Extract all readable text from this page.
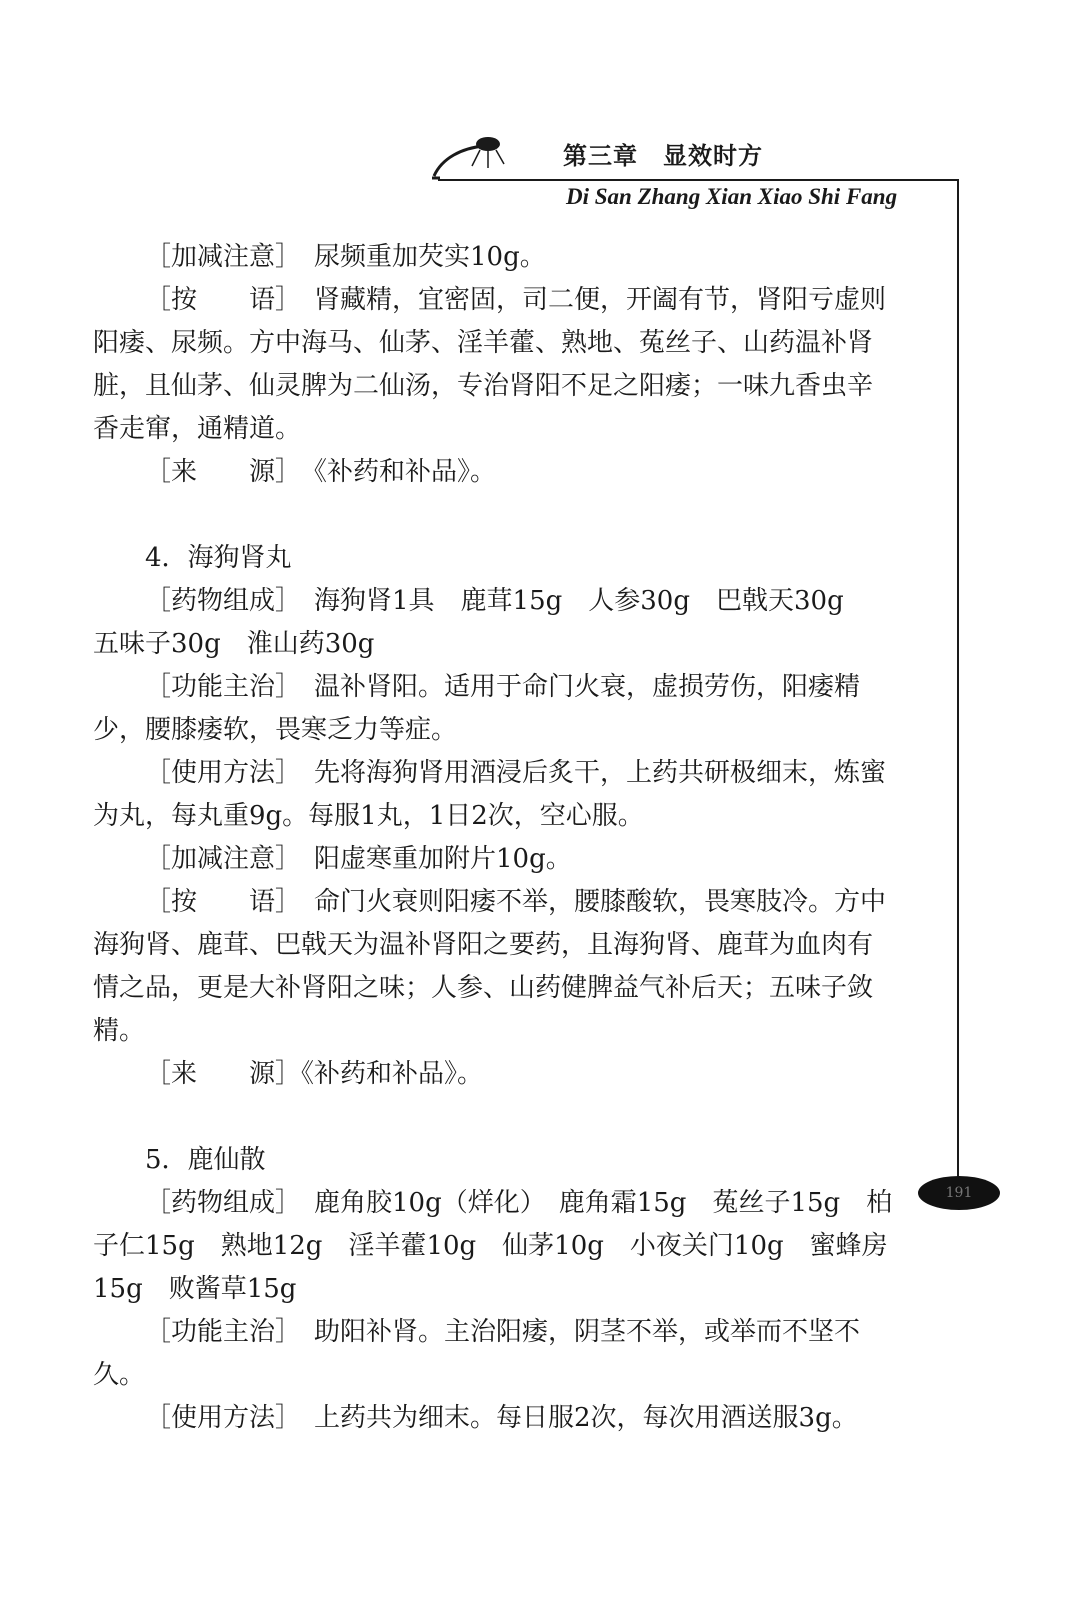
第三章　显效时方
Di San Zhang Xian Xiao Shi Fang
191

［加减注意］　尿频重加芡实10g。

［按　　语］　肾藏精，宜密固，司二便，开阖有节，肾阳亏虚则阳痿、尿频。方中海马、仙茅、淫羊藿、熟地、菟丝子、山药温补肾脏，且仙茅、仙灵脾为二仙汤，专治肾阳不足之阳痿；一味九香虫辛香走窜，通精道。

［来　　源］　《补药和补品》。

4．海狗肾丸

［药物组成］　海狗肾1具　鹿茸15g　人参30g　巴戟天30g　五味子30g　淮山药30g

［功能主治］　温补肾阳。适用于命门火衰，虚损劳伤，阳痿精少，腰膝痿软，畏寒乏力等症。

［使用方法］　先将海狗肾用酒浸后炙干，上药共研极细末，炼蜜为丸，每丸重9g。每服1丸，1日2次，空心服。

［加减注意］　阳虚寒重加附片10g。

［按　　语］　命门火衰则阳痿不举，腰膝酸软，畏寒肢冷。方中海狗肾、鹿茸、巴戟天为温补肾阳之要药，且海狗肾、鹿茸为血肉有情之品，更是大补肾阳之味；人参、山药健脾益气补后天；五味子敛精。

［来　　源］《补药和补品》。

5．鹿仙散

［药物组成］　鹿角胶10g（烊化）　鹿角霜15g　菟丝子15g　柏子仁15g　熟地12g　淫羊藿10g　仙茅10g　小夜关门10g　蜜蜂房15g　败酱草15g

［功能主治］　助阳补肾。主治阳痿，阴茎不举，或举而不坚不久。

［使用方法］　上药共为细末。每日服2次，每次用酒送服3g。
